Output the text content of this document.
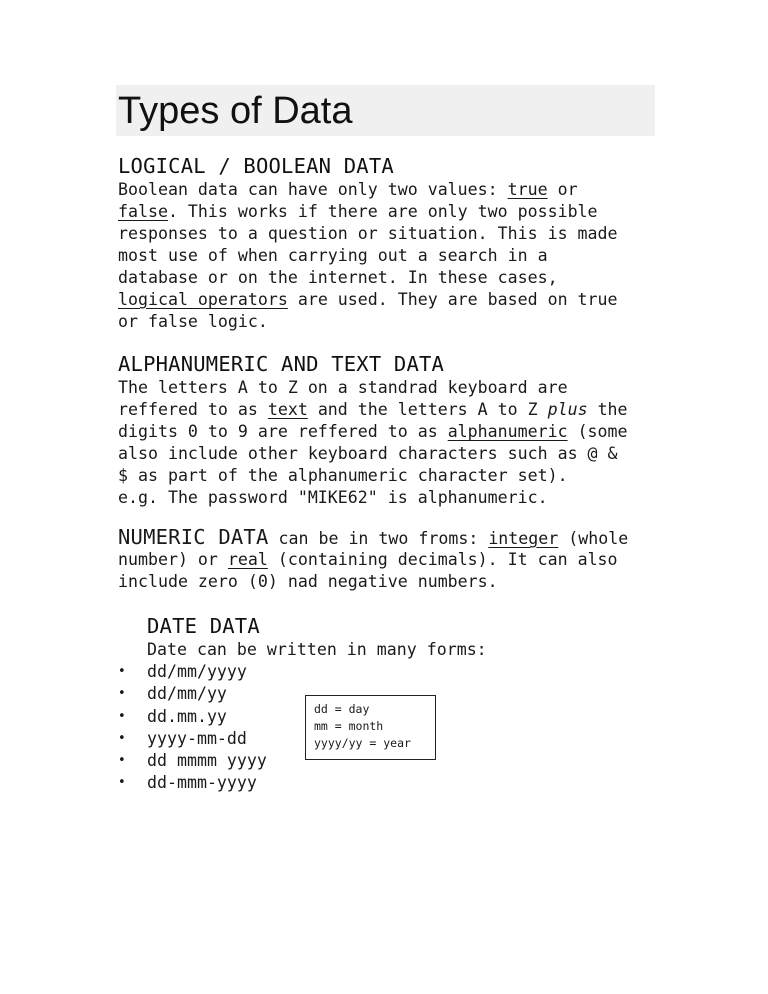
Types of Data
LOGICAL / BOOLEAN DATA
Boolean data can have only two values: true or
false. This works if there are only two possible
responses to a question or situation. This is made
most use of when carrying out a search in a
database or on the internet. In these cases,
logical operators are used. They are based on true
or false logic.
ALPHANUMERIC AND TEXT DATA
The letters A to Z on a standrad keyboard are
reffered to as text and the letters A to Z plus the
digits 0 to 9 are reffered to as alphanumeric (some
also include other keyboard characters such as @ &
$ as part of the alphanumeric character set).
e.g. The password "MIKE62" is alphanumeric.
NUMERIC DATA can be in two froms: integer (whole
number) or real (containing decimals). It can also
include zero (0) nad negative numbers.
DATE DATA
Date can be written in many forms:
• dd/mm/yyyy
• dd/mm/yy
• dd.mm.yy
• yyyy-mm-dd
• dd mmmm yyyy
• dd-mmm-yyyy
dd = day
mm = month
yyyy/yy = year
